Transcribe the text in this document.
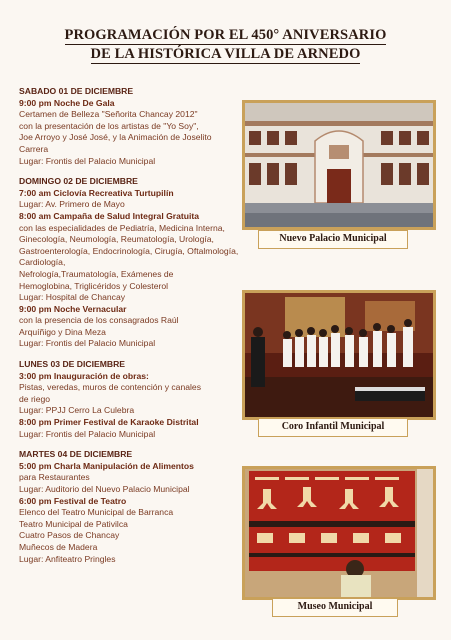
PROGRAMACIÓN POR EL 450° ANIVERSARIO
DE LA HISTÓRICA VILLA DE ARNEDO
SABADO 01 DE DICIEMBRE
9:00 pm Noche De Gala
Certamen de Belleza "Señorita Chancay 2012"
con la presentación de los artistas de "Yo Soy",
Joe Arroyo y José José, y la Animación de Joselito
Carrera
Lugar: Frontis del Palacio Municipal
DOMINGO 02 DE DICIEMBRE
7:00 am Ciclovía Recreativa Turtupilín
Lugar: Av. Primero de Mayo
8:00 am Campaña de Salud Integral Gratuita
con las especialidades de Pediatría, Medicina Interna,
Ginecología, Neumología, Reumatología, Urología,
Gastroenterología, Endocrinología, Cirugía, Oftalmología, Cardiología,
Nefrología,Traumatología, Exámenes de
Hemoglobina, Triglicéridos y Colesterol
Lugar: Hospital de Chancay
9:00 pm Noche Vernacular
con la presencia de los consagrados Raúl
Arquíñigo y Dina Meza
Lugar: Frontis del Palacio Municipal
LUNES 03 DE DICIEMBRE
3:00 pm Inauguración de obras:
Pistas, veredas, muros de contención y canales
de riego
Lugar: PPJJ Cerro La Culebra
8:00 pm Primer Festival de Karaoke Distrital
Lugar: Frontis del Palacio Municipal
MARTES 04 DE DICIEMBRE
5:00 pm Charla Manipulación de Alimentos
para Restaurantes
Lugar: Auditorio del Nuevo Palacio Municipal
6:00 pm Festival de Teatro
Elenco del Teatro Municipal de Barranca
Teatro Municipal de Pativilca
Cuatro Pasos de Chancay
Muñecos de Madera
Lugar: Anfiteatro Pringles
Nuevo Palacio Municipal
Coro Infantil Municipal
Museo Municipal
